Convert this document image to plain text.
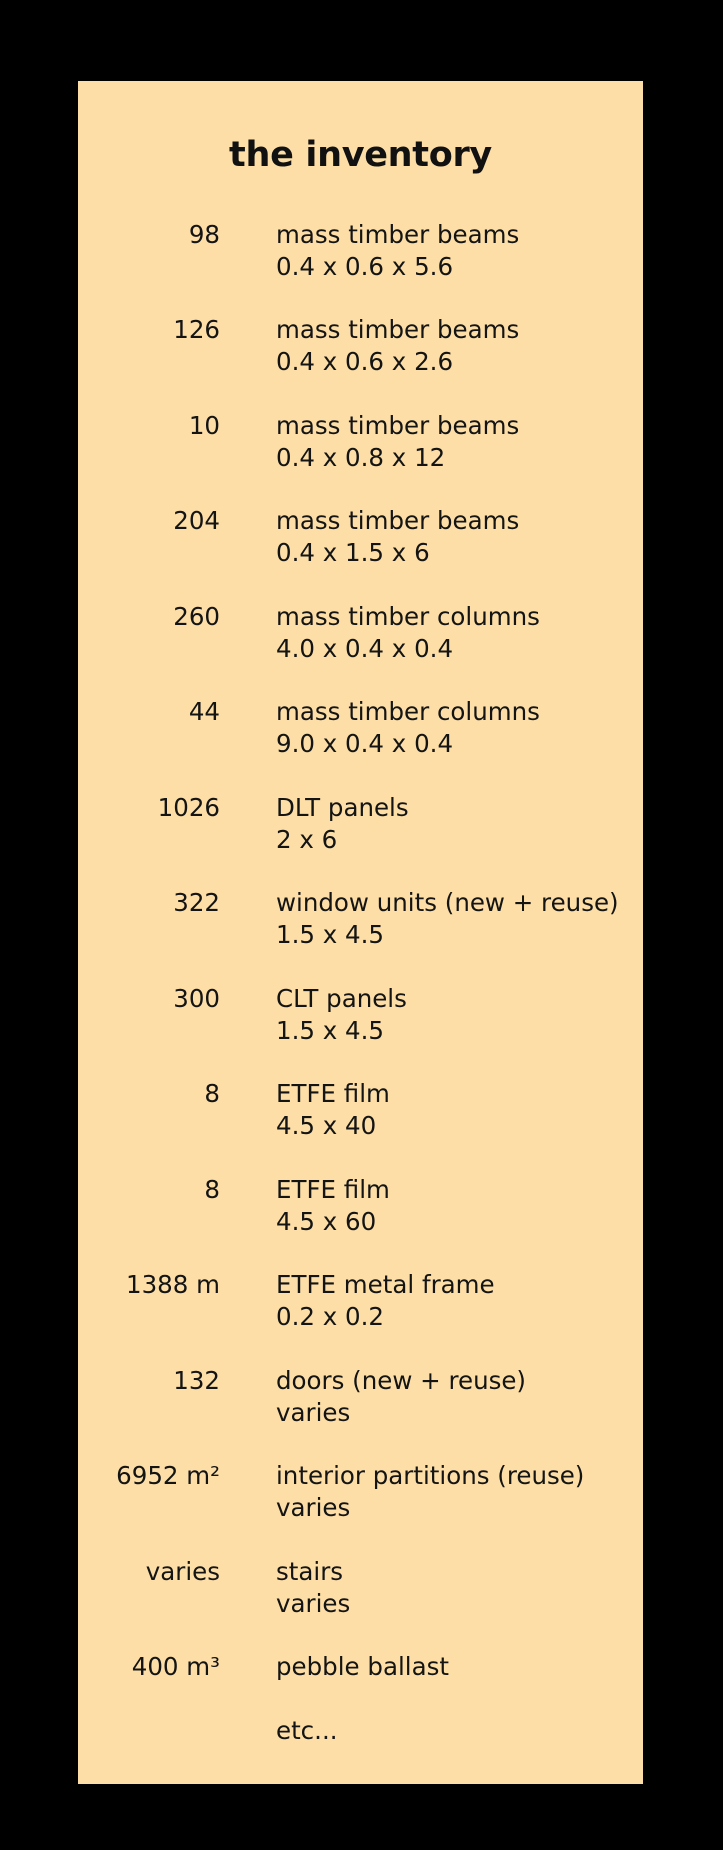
the inventory
98 mass timber beams
0.4 x 0.6 x 5.6
126 mass timber beams
0.4 x 0.6 x 2.6
10 mass timber beams
0.4 x 0.8 x 12
204 mass timber beams
0.4 x 1.5 x 6
260 mass timber columns
4.0 x 0.4 x 0.4
44 mass timber columns
9.0 x 0.4 x 0.4
1026 DLT panels
2 x 6
322 window units (new + reuse)
1.5 x 4.5
300 CLT panels
1.5 x 4.5
8 ETFE film
4.5 x 40
8 ETFE film
4.5 x 60
1388 m ETFE metal frame
0.2 x 0.2
132 doors (new + reuse)
varies
6952 m² interior partitions (reuse)
varies
varies stairs
varies
400 m³ pebble ballast
etc...
